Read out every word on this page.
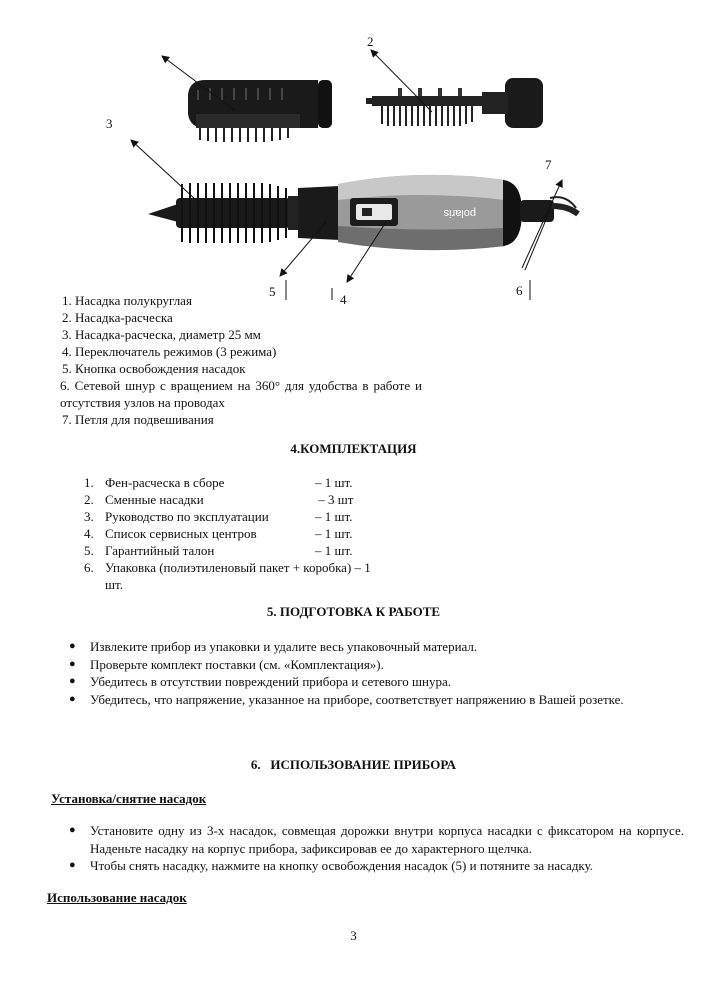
polaris
2
3
7
5
4
6
1. Насадка полукруглая
2. Насадка-расческа
3. Насадка-расческа, диаметр 25 мм
4. Переключатель режимов (3 режима)
5. Кнопка освобождения насадок
6. Сетевой шнур с вращением на 360° для удобства в работе и отсутствия узлов на проводах
7. Петля для подвешивания
4.КОМПЛЕКТАЦИЯ
1. Фен-расческа в сборе	– 1 шт.
2. Сменные насадки	– 3 шт
3. Руководство по эксплуатации	– 1 шт.
4. Список сервисных центров	– 1 шт.
5. Гарантийный талон	– 1 шт.
6. Упаковка (полиэтиленовый пакет + коробка) – 1
шт.
5. ПОДГОТОВКА К РАБОТЕ
● Извлеките прибор из упаковки и удалите весь упаковочный материал.
● Проверьте комплект поставки (см. «Комплектация»).
● Убедитесь в отсутствии повреждений прибора и сетевого шнура.
● Убедитесь, что напряжение, указанное на приборе, соответствует напряжению в Вашей розетке.
6.   ИСПОЛЬЗОВАНИЕ ПРИБОРА
Установка/снятие насадок
● Установите одну из 3-х насадок, совмещая дорожки внутри корпуса насадки с фиксатором на корпусе. Наденьте насадку на корпус прибора, зафиксировав ее до характерного щелчка.
● Чтобы снять насадку, нажмите на кнопку освобождения насадок (5) и потяните за насадку.
Использование насадок
3
